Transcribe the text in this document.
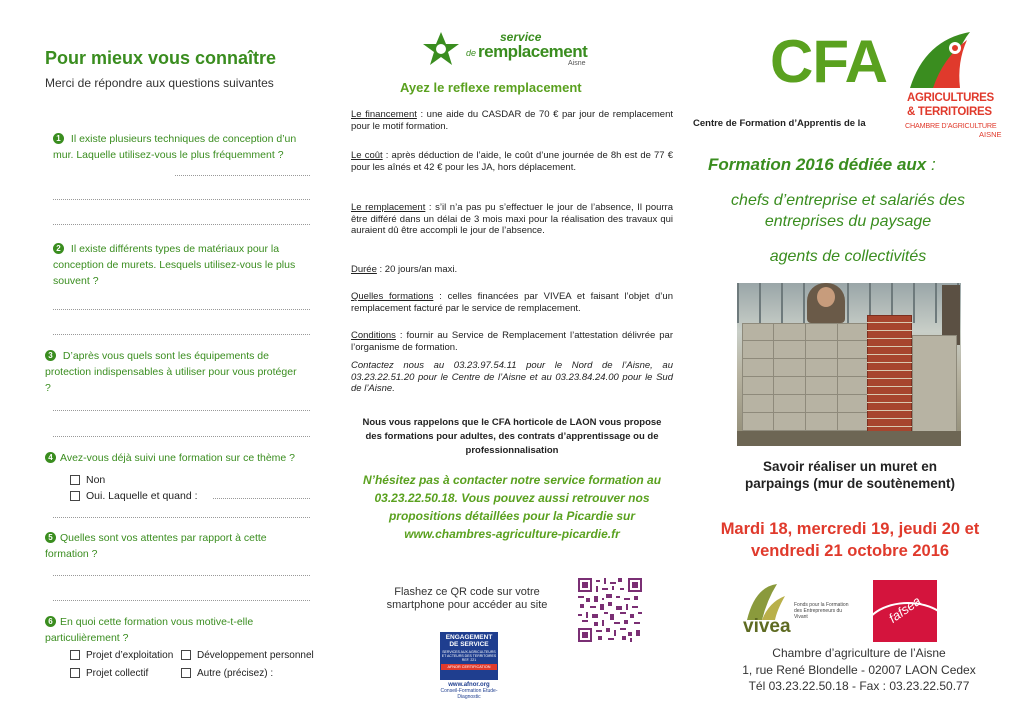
Pour mieux vous connaître
Merci de répondre aux questions suivantes
1 Il existe plusieurs techniques de conception d’un mur. Laquelle utilisez-vous le plus fréquemment ?
2 Il existe différents types de matériaux pour la conception de murets. Lesquels utilisez-vous le plus souvent ?
3 D’après vous quels sont les équipements de protection indispensables à utiliser pour vous protéger ?
4 Avez-vous déjà suivi une formation sur ce thème ?
Non
Oui. Laquelle et quand :
5 Quelles sont vos attentes par rapport à cette formation ?
6 En quoi cette formation vous motive-t-elle particulièrement ?
Projet d’exploitation	Développement personnel
Projet collectif	Autre (précisez) :
service
de remplacement
Aisne
Ayez le reflexe remplacement
Le financement : une aide du CASDAR de 70 € par jour de remplacement pour le motif formation.
Le coût : après déduction de l’aide, le coût d’une journée de 8h est de 77 € pour les aînés et 42 € pour les JA, hors déplacement.
Le remplacement : s’il n’a pas pu s’effectuer le jour de l’absence, Il pourra être différé dans un délai de 3 mois maxi pour la réalisation des travaux qui auraient dû être accompli le jour de l’absence.
Durée : 20 jours/an maxi.
Quelles formations : celles financées par VIVEA et faisant l’objet d’un remplacement facturé par le service de remplacement.
Conditions : fournir au Service de Remplacement l’attestation délivrée par l’organisme de formation.
Contactez nous au 03.23.97.54.11 pour le Nord de l’Aisne, au 03.23.22.51.20 pour le Centre de l’Aisne et au 03.23.84.24.00 pour le Sud de l’Aisne.
Nous vous rappelons que le CFA horticole de LAON vous propose des formations pour adultes, des contrats d’apprentissage ou de professionnalisation
N’hésitez pas à contacter notre service formation au 03.23.22.50.18. Vous pouvez aussi retrouver nos propositions détaillées pour la Picardie sur www.chambres-agriculture-picardie.fr
Flashez ce QR code sur votre smartphone pour accéder au site
ENGAGEMENT
DE SERVICE
SERVICES AUX AGRICULTEURS ET ACTEURS DES TERRITOIRES REF. 221
AFNOR CERTIFICATION
www.afnor.org
Conseil-Formation Etude-Diagnostic
CFA
AGRICULTURES
& TERRITOIRES
CHAMBRE D’AGRICULTURE
AISNE
Centre de Formation d’Apprentis de la
Formation 2016 dédiée aux :
chefs d’entreprise et salariés des entreprises du paysage
agents de collectivités
Savoir réaliser un muret en parpaings (mur de soutènement)
Mardi 18, mercredi 19, jeudi 20 et vendredi 21 octobre 2016
vivea
Fonds pour la Formation des Entrepreneurs du Vivant	fafsea
Chambre d’agriculture de l’Aisne
1, rue René Blondelle - 02007 LAON Cedex
Tél 03.23.22.50.18 - Fax : 03.23.22.50.77
